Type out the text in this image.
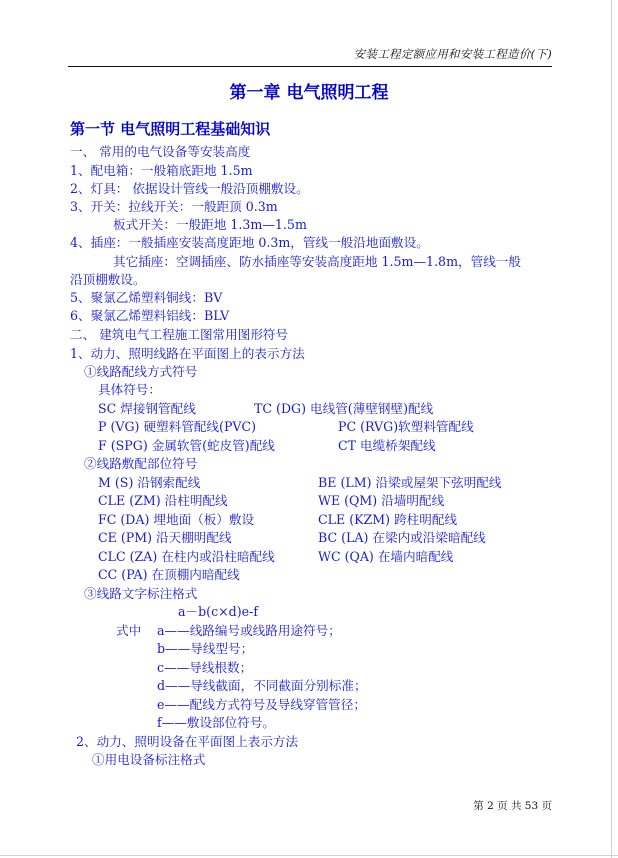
安装工程定额应用和安装工程造价(下)
第一章 电气照明工程
第一节 电气照明工程基础知识
一、 常用的电气设备等安装高度
1、配电箱：一般箱底距地 1.5m
2、灯具： 依据设计管线一般沿顶棚敷设。
3、开关：拉线开关：一般距顶 0.3m
板式开关：一般距地 1.3m—1.5m
4、插座：一般插座安装高度距地 0.3m，管线一般沿地面敷设。
其它插座：空调插座、防水插座等安装高度距地 1.5m—1.8m，管线一般
沿顶棚敷设。
5、聚氯乙烯塑料铜线：BV
6、聚氯乙烯塑料铝线：BLV
二、 建筑电气工程施工图常用图形符号
1、动力、照明线路在平面图上的表示方法
①线路配线方式符号
具体符号：
SC 焊接钢管配线	TC (DG) 电线管(薄壁钢壁)配线
P (VG) 硬塑料管配线(PVC)	PC (RVG)软塑料管配线
F (SPG) 金属软管(蛇皮管)配线	CT 电缆桥架配线
②线路敷配部位符号
M (S) 沿钢索配线	BE (LM) 沿梁或屋架下弦明配线
CLE (ZM) 沿柱明配线	WE (QM) 沿墙明配线
FC (DA) 埋地面（板）敷设	CLE (KZM) 跨柱明配线
CE (PM) 沿天棚明配线	BC (LA) 在梁内或沿梁暗配线
CLC (ZA) 在柱内或沿柱暗配线	WC (QA) 在墙内暗配线
CC (PA) 在顶棚内暗配线
③线路文字标注格式
a－b(c×d)e-f
式中 a——线路编号或线路用途符号；
b——导线型号；
c——导线根数；
d——导线截面，不同截面分别标准；
e——配线方式符号及导线穿管管径；
f——敷设部位符号。
2、动力、照明设备在平面图上表示方法
①用电设备标注格式
第 2 页 共 53 页
